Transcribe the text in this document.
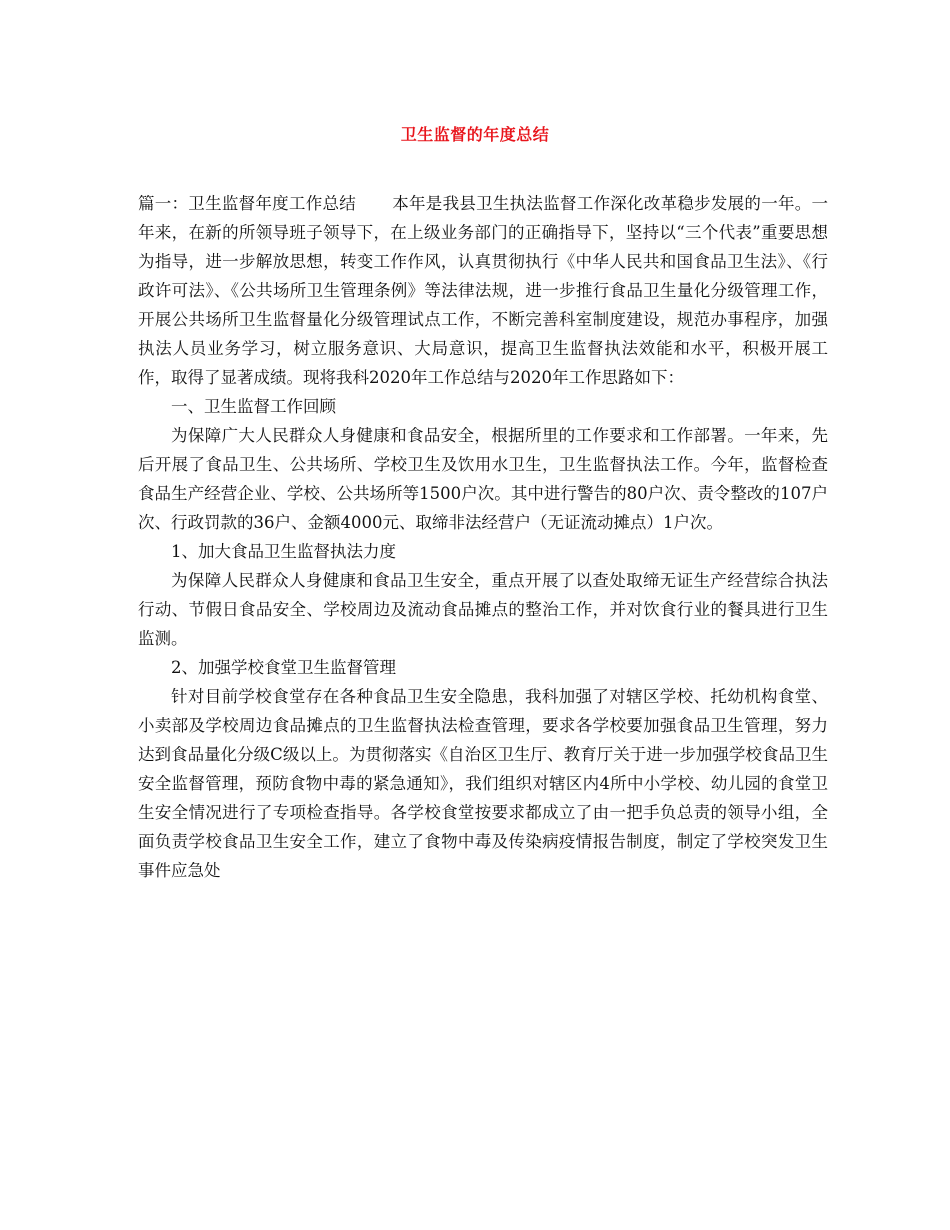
卫生监督的年度总结

篇一：卫生监督年度工作总结 本年是我县卫生执法监督工作深化改革稳步发展的一年。一年来，在新的所领导班子领导下，在上级业务部门的正确指导下，坚持以“三个代表”重要思想为指导，进一步解放思想，转变工作作风，认真贯彻执行《中华人民共和国食品卫生法》、《行政许可法》、《公共场所卫生管理条例》等法律法规，进一步推行食品卫生量化分级管理工作，开展公共场所卫生监督量化分级管理试点工作，不断完善科室制度建设，规范办事程序，加强执法人员业务学习，树立服务意识、大局意识，提高卫生监督执法效能和水平，积极开展工作，取得了显著成绩。现将我科2020年工作总结与2020年工作思路如下：

一、卫生监督工作回顾

为保障广大人民群众人身健康和食品安全，根据所里的工作要求和工作部署。一年来，先后开展了食品卫生、公共场所、学校卫生及饮用水卫生，卫生监督执法工作。今年，监督检查食品生产经营企业、学校、公共场所等1500户次。其中进行警告的80户次、责令整改的107户次、行政罚款的36户、金额4000元、取缔非法经营户（无证流动摊点）1户次。

1、加大食品卫生监督执法力度

为保障人民群众人身健康和食品卫生安全，重点开展了以查处取缔无证生产经营综合执法行动、节假日食品安全、学校周边及流动食品摊点的整治工作，并对饮食行业的餐具进行卫生监测。

2、加强学校食堂卫生监督管理

针对目前学校食堂存在各种食品卫生安全隐患，我科加强了对辖区学校、托幼机构食堂、小卖部及学校周边食品摊点的卫生监督执法检查管理，要求各学校要加强食品卫生管理，努力达到食品量化分级C级以上。为贯彻落实《自治区卫生厅、教育厅关于进一步加强学校食品卫生安全监督管理，预防食物中毒的紧急通知》，我们组织对辖区内4所中小学校、幼儿园的食堂卫生安全情况进行了专项检查指导。各学校食堂按要求都成立了由一把手负总责的领导小组，全面负责学校食品卫生安全工作，建立了食物中毒及传染病疫情报告制度，制定了学校突发卫生事件应急处
